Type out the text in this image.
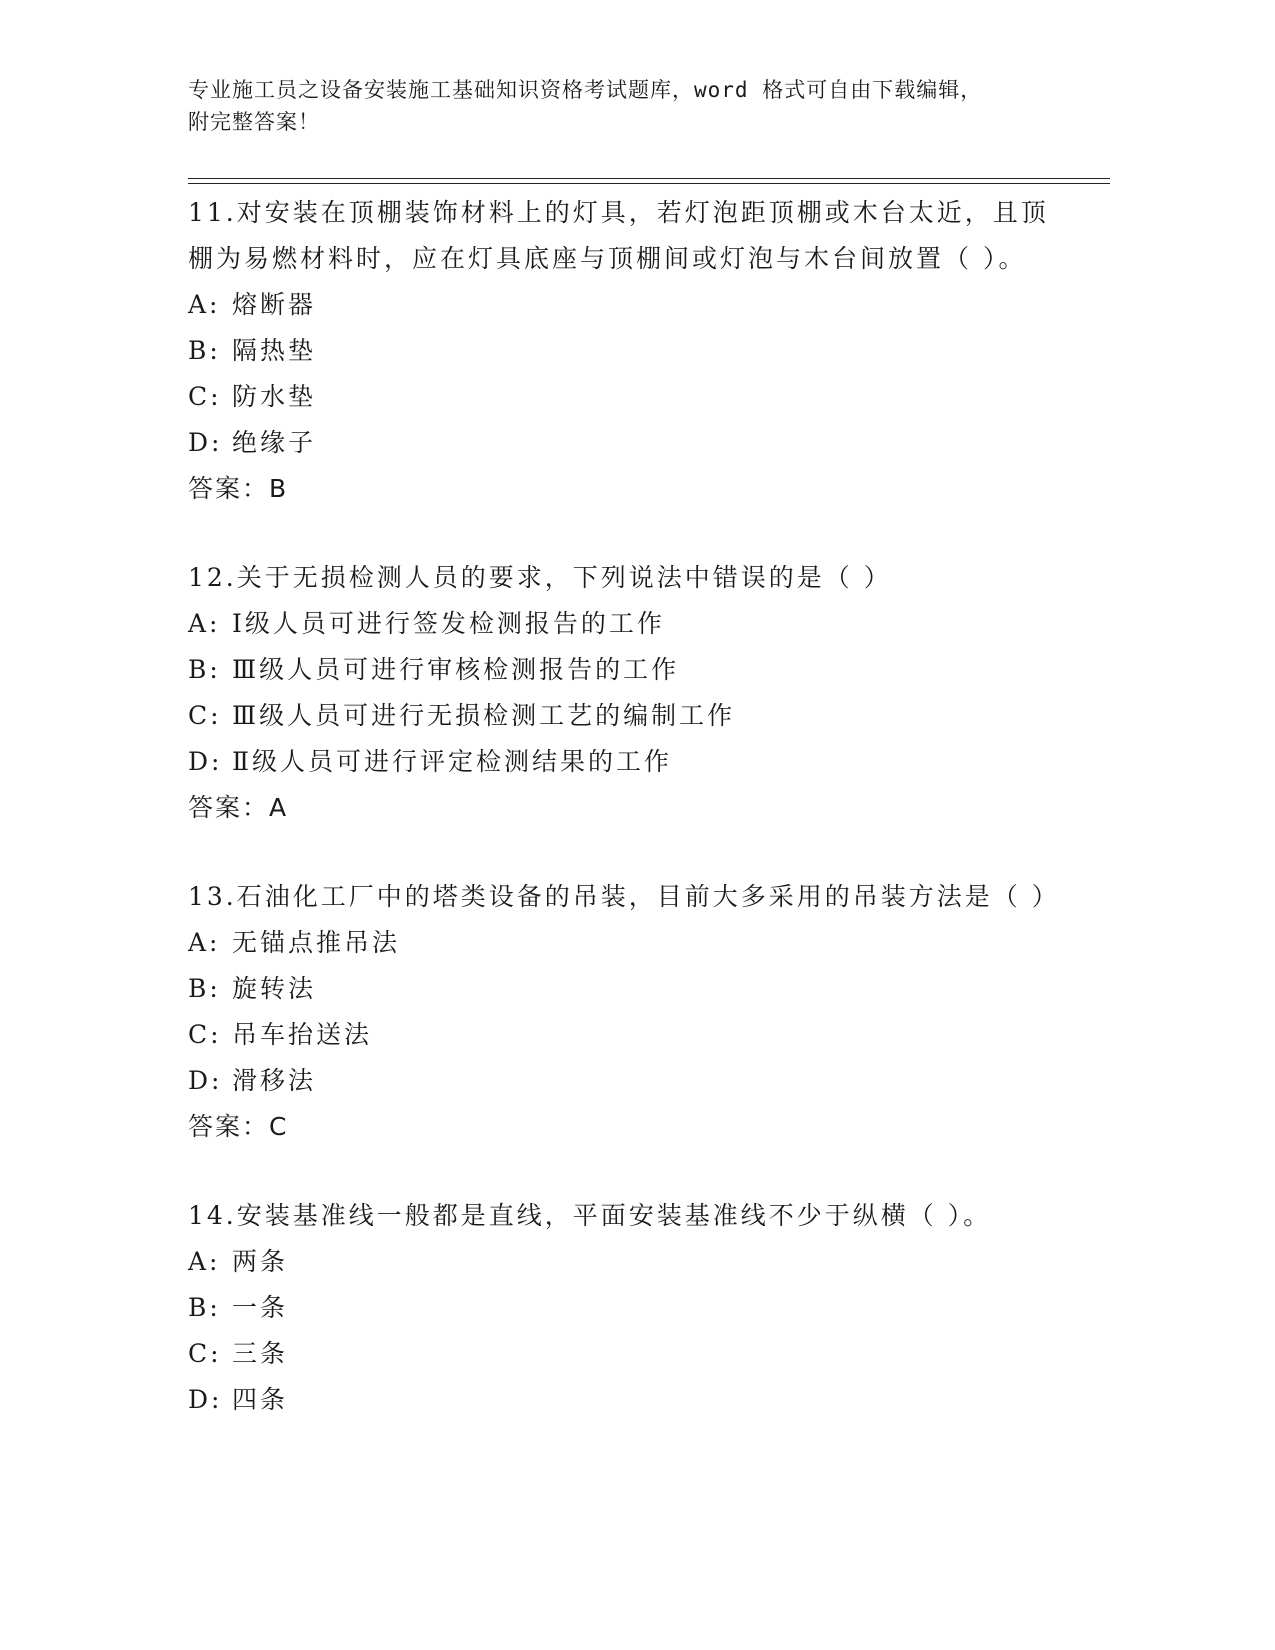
专业施工员之设备安装施工基础知识资格考试题库，word 格式可自由下载编辑，
附完整答案！
11.对安装在顶棚装饰材料上的灯具，若灯泡距顶棚或木台太近，且顶棚为易燃材料时，应在灯具底座与顶棚间或灯泡与木台间放置（ ）。
A: 熔断器
B: 隔热垫
C: 防水垫
D: 绝缘子
答案：B
12.关于无损检测人员的要求，下列说法中错误的是（ ）
A: Ⅰ级人员可进行签发检测报告的工作
B: Ⅲ级人员可进行审核检测报告的工作
C: Ⅲ级人员可进行无损检测工艺的编制工作
D: Ⅱ级人员可进行评定检测结果的工作
答案：A
13.石油化工厂中的塔类设备的吊装，目前大多采用的吊装方法是（ ）
A: 无锚点推吊法
B: 旋转法
C: 吊车抬送法
D: 滑移法
答案：C
14.安装基准线一般都是直线，平面安装基准线不少于纵横（ ）。
A: 两条
B: 一条
C: 三条
D: 四条
